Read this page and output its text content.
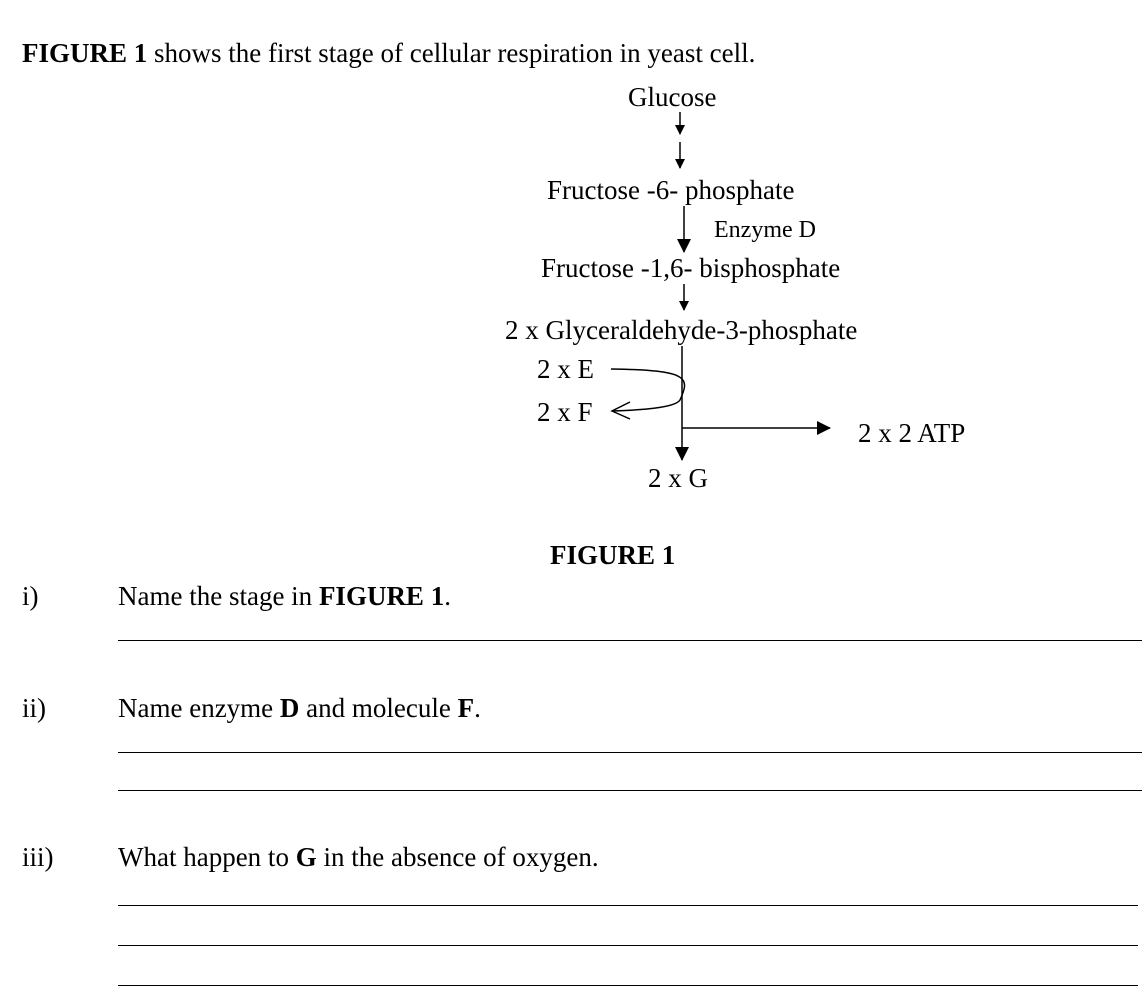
FIGURE 1 shows the first stage of cellular respiration in yeast cell.
Glucose
Fructose -6- phosphate
Enzyme D
Fructose -1,6- bisphosphate
2 x Glyceraldehyde-3-phosphate
2 x E
2 x F
2 x 2 ATP
2 x G
FIGURE 1
i)	Name the stage in FIGURE 1.
ii)	Name enzyme D and molecule F.
iii) What happen to G in the absence of oxygen.
